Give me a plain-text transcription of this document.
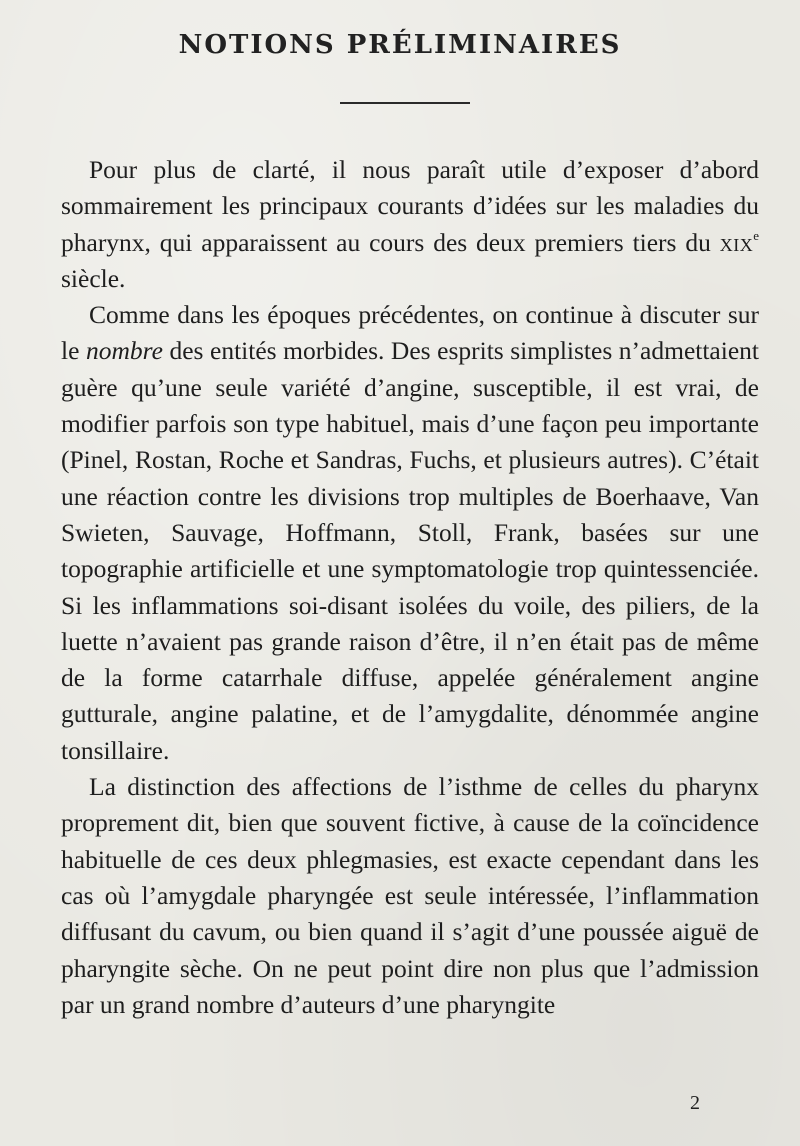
NOTIONS PRÉLIMINAIRES

Pour plus de clarté, il nous paraît utile d’exposer d’abord sommairement les principaux courants d’idées sur les maladies du pharynx, qui apparaissent au cours des deux premiers tiers du xix$^e$ siècle.

Comme dans les époques précédentes, on continue à discuter sur le nombre des entités morbides. Des esprits simplistes n’admettaient guère qu’une seule variété d’angine, susceptible, il est vrai, de modifier parfois son type habituel, mais d’une façon peu importante (Pinel, Rostan, Roche et Sandras, Fuchs, et plusieurs autres). C’était une réaction contre les divisions trop multiples de Boerhaave, Van Swieten, Sauvage, Hoffmann, Stoll, Frank, basées sur une topographie artificielle et une symptomatologie trop quintessenciée. Si les inflammations soi-disant isolées du voile, des piliers, de la luette n’avaient pas grande raison d’être, il n’en était pas de même de la forme catarrhale diffuse, appelée généralement angine gutturale, angine palatine, et de l’amygdalite, dénommée angine tonsillaire.

La distinction des affections de l’isthme de celles du pharynx proprement dit, bien que souvent fictive, à cause de la coïncidence habituelle de ces deux phlegmasies, est exacte cependant dans les cas où l’amygdale pharyngée est seule intéressée, l’inflammation diffusant du cavum, ou bien quand il s’agit d’une poussée aiguë de pharyngite sèche. On ne peut point dire non plus que l’admission par un grand nombre d’auteurs d’une pharyngite

2
